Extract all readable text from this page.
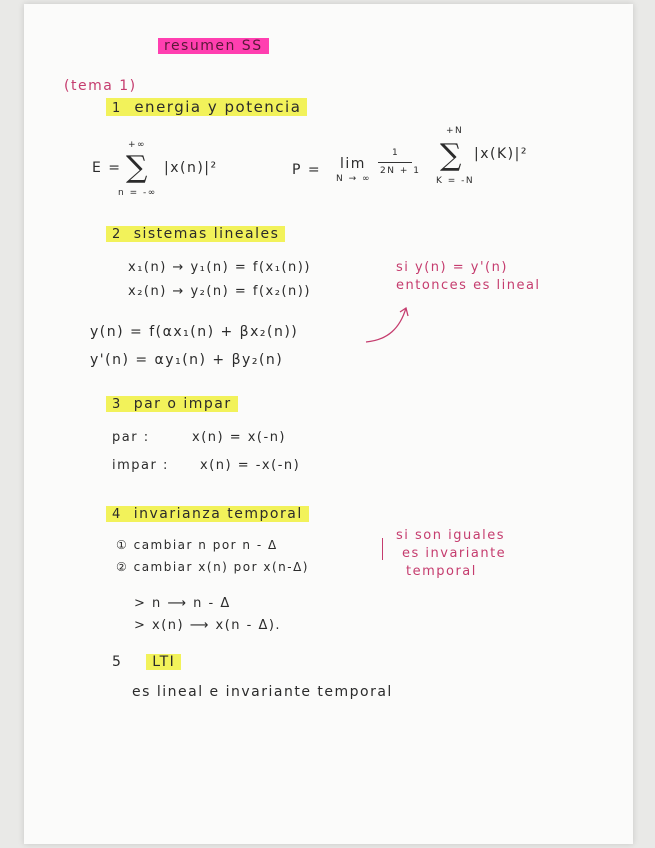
resumen SS
(tema 1)
1 energia y potencia
E =
+∞
∑
n = -∞
|x(n)|²	P = lim
N → ∞
1
2N + 1
+N
∑
K = -N
|x(K)|²
2 sistemas lineales
x₁(n) → y₁(n) = f(x₁(n))
x₂(n) → y₂(n) = f(x₂(n))
si y(n) = y'(n)
entonces es lineal
y(n) = f(αx₁(n) + βx₂(n))
y'(n) = αy₁(n) + βy₂(n)
3 par o impar
par :	x(n) = x(-n)
impar : x(n) = -x(-n)
4 invarianza temporal
① cambiar n por n - Δ
② cambiar x(n) por x(n-Δ)
si son iguales
es invariante
temporal
> n ⟶ n - Δ
> x(n) ⟶ x(n - Δ).
5 LTI
es lineal e invariante temporal
